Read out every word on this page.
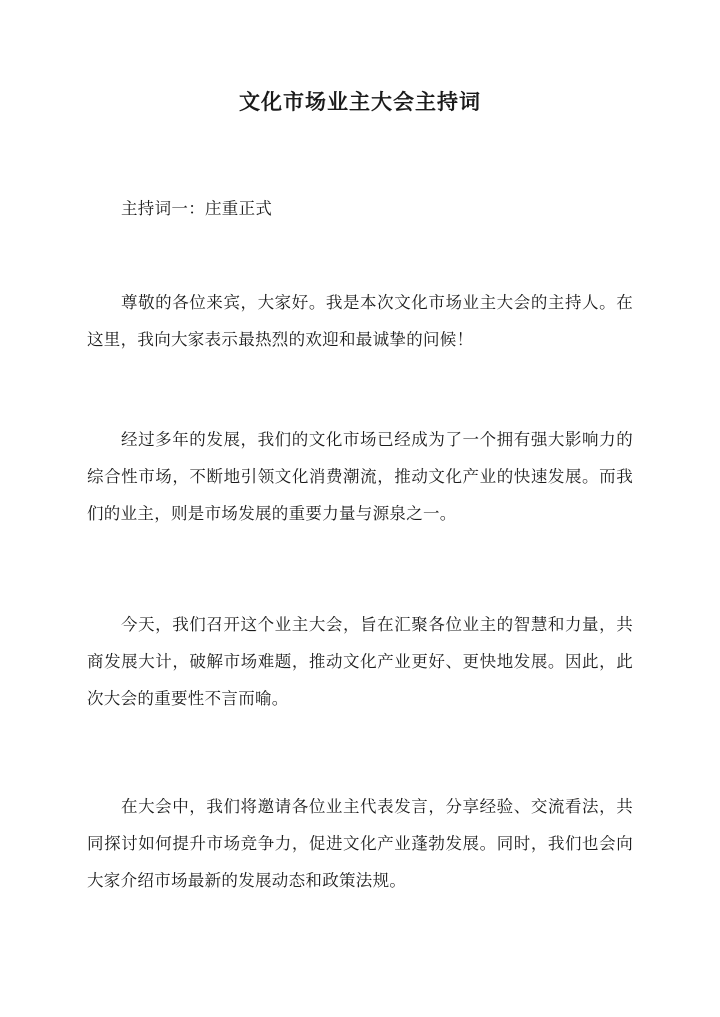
文化市场业主大会主持词
主持词一：庄重正式
尊敬的各位来宾，大家好。我是本次文化市场业主大会的主持人。在这里，我向大家表示最热烈的欢迎和最诚挚的问候！
经过多年的发展，我们的文化市场已经成为了一个拥有强大影响力的综合性市场，不断地引领文化消费潮流，推动文化产业的快速发展。而我们的业主，则是市场发展的重要力量与源泉之一。
今天，我们召开这个业主大会，旨在汇聚各位业主的智慧和力量，共商发展大计，破解市场难题，推动文化产业更好、更快地发展。因此，此次大会的重要性不言而喻。
在大会中，我们将邀请各位业主代表发言，分享经验、交流看法，共同探讨如何提升市场竞争力，促进文化产业蓬勃发展。同时，我们也会向大家介绍市场最新的发展动态和政策法规。
